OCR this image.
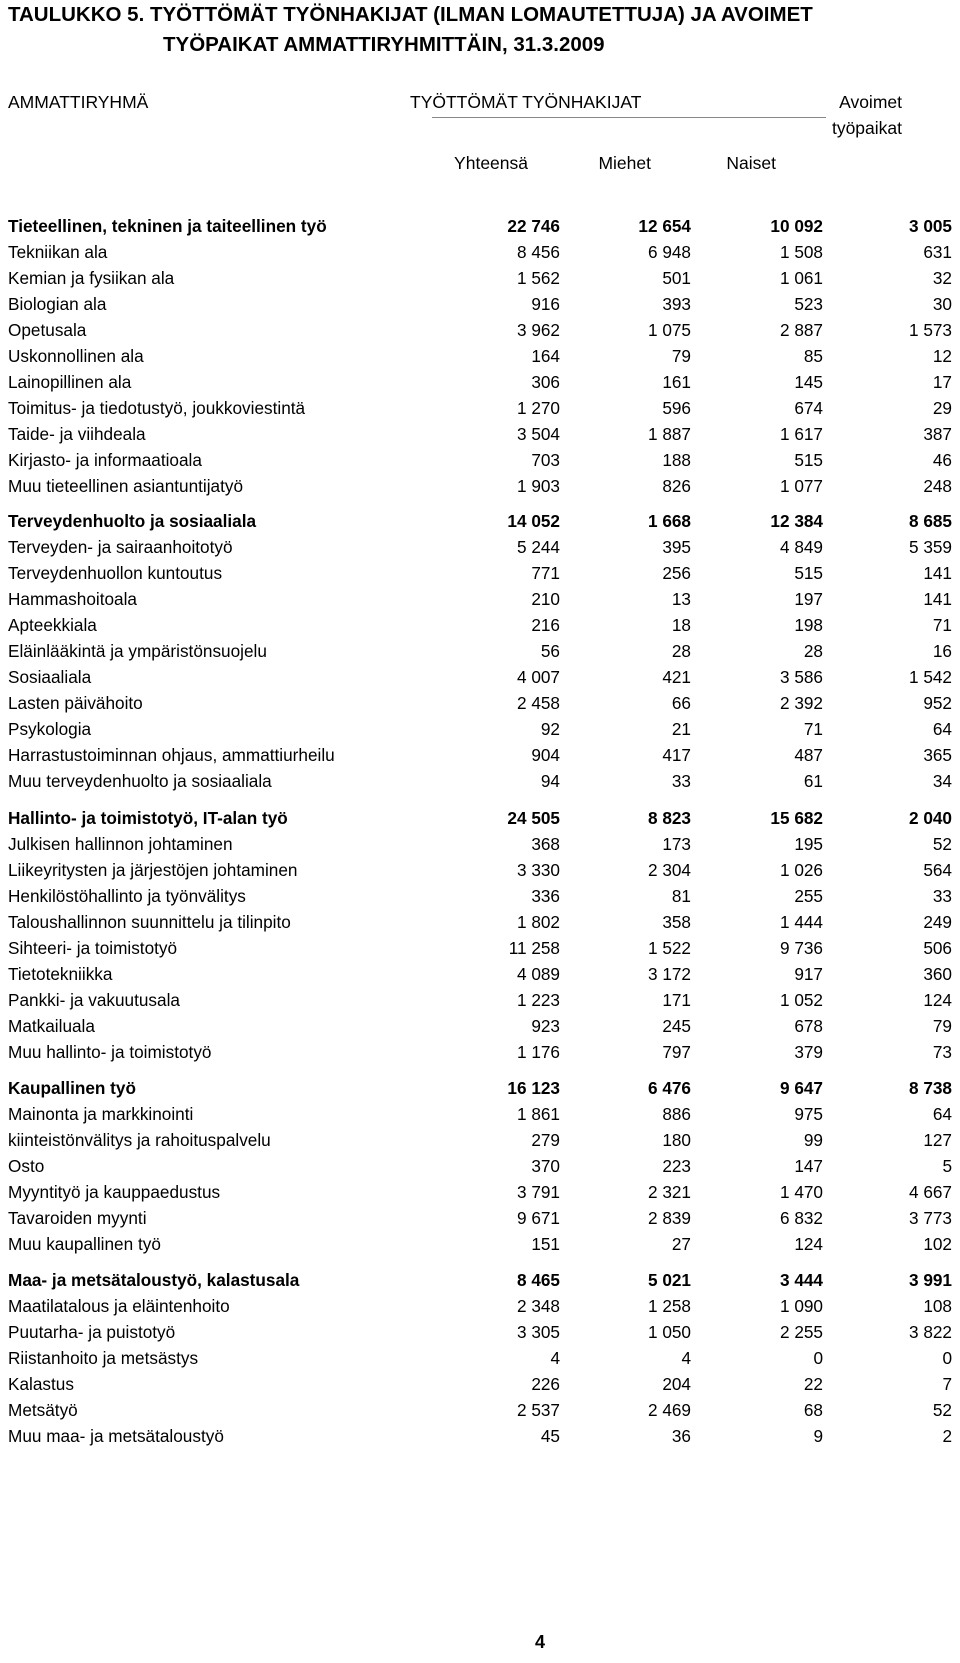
TAULUKKO 5. TYÖTTÖMÄT TYÖNHAKIJAT (ILMAN LOMAUTETTUJA) JA AVOIMET
TYÖPAIKAT AMMATTIRYHMITTÄIN, 31.3.2009
AMMATTIRYHMÄ	TYÖTTÖMÄT TYÖNHAKIJAT	Avoimet
työpaikat
Yhteensä	Miehet	Naiset
Tieteellinen, tekninen ja taiteellinen työ	22 746	12 654	10 092	3 005
Tekniikan ala	8 456	6 948	1 508	631
Kemian ja fysiikan ala	1 562	501	1 061	32
Biologian ala	916	393	523	30
Opetusala	3 962	1 075	2 887	1 573
Uskonnollinen ala	164	79	85	12
Lainopillinen ala	306	161	145	17
Toimitus- ja tiedotustyö, joukkoviestintä	1 270	596	674	29
Taide- ja viihdeala	3 504	1 887	1 617	387
Kirjasto- ja informaatioala	703	188	515	46
Muu tieteellinen asiantuntijatyö	1 903	826	1 077	248
Terveydenhuolto ja sosiaaliala	14 052	1 668	12 384	8 685
Terveyden- ja sairaanhoitotyö	5 244	395	4 849	5 359
Terveydenhuollon kuntoutus	771	256	515	141
Hammashoitoala	210	13	197	141
Apteekkiala	216	18	198	71
Eläinlääkintä ja ympäristönsuojelu	56	28	28	16
Sosiaaliala	4 007	421	3 586	1 542
Lasten päivähoito	2 458	66	2 392	952
Psykologia	92	21	71	64
Harrastustoiminnan ohjaus, ammattiurheilu	904	417	487	365
Muu terveydenhuolto ja sosiaaliala	94	33	61	34
Hallinto- ja toimistotyö, IT-alan työ	24 505	8 823	15 682	2 040
Julkisen hallinnon johtaminen	368	173	195	52
Liikeyritysten ja järjestöjen johtaminen	3 330	2 304	1 026	564
Henkilöstöhallinto ja työnvälitys	336	81	255	33
Taloushallinnon suunnittelu ja tilinpito	1 802	358	1 444	249
Sihteeri- ja toimistotyö	11 258	1 522	9 736	506
Tietotekniikka	4 089	3 172	917	360
Pankki- ja vakuutusala	1 223	171	1 052	124
Matkailuala	923	245	678	79
Muu hallinto- ja toimistotyö	1 176	797	379	73
Kaupallinen työ	16 123	6 476	9 647	8 738
Mainonta ja markkinointi	1 861	886	975	64
kiinteistönvälitys ja rahoituspalvelu	279	180	99	127
Osto	370	223	147	5
Myyntityö ja kauppaedustus	3 791	2 321	1 470	4 667
Tavaroiden myynti	9 671	2 839	6 832	3 773
Muu kaupallinen työ	151	27	124	102
Maa- ja metsätaloustyö, kalastusala	8 465	5 021	3 444	3 991
Maatilatalous ja eläintenhoito	2 348	1 258	1 090	108
Puutarha- ja puistotyö	3 305	1 050	2 255	3 822
Riistanhoito ja metsästys	4	4	0	0
Kalastus	226	204	22	7
Metsätyö	2 537	2 469	68	52
Muu maa- ja metsätaloustyö	45	36	9	2
4
